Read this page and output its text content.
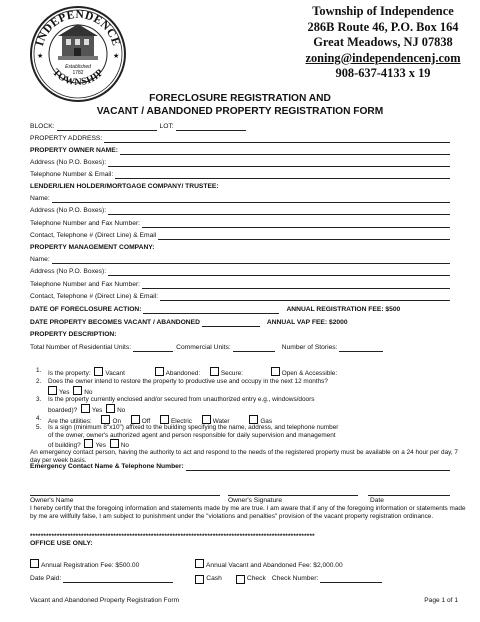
INDEPENDENCE
TOWNSHIP
★	★
Established
1782
Township of Independence
286B Route 46, P.O. Box 164
Great Meadows, NJ 07838
zoning@independencenj.com
908-637-4133 x 19
FORECLOSURE REGISTRATION AND
VACANT / ABANDONED PROPERTY REGISTRATION FORM
BLOCK:	LOT:
PROPERTY ADDRESS:
PROPERTY OWNER NAME:
Address (No P.O. Boxes):
Telephone Number & Email:
LENDER/LIEN HOLDER/MORTGAGE COMPANY/ TRUSTEE:
Name:
Address (No P.O. Boxes):
Telephone Number and Fax Number:
Contact, Telephone # (Direct Line) & Email
PROPERTY MANAGEMENT COMPANY:
Name:
Address (No P.O. Boxes):
Telephone Number and Fax Number:
Contact, Telephone # (Direct Line) & Email:
DATE OF FORECLOSURE ACTION:	ANNUAL REGISTRATION FEE: $500
DATE PROPERTY BECOMES VACANT / ABANDONED	ANNUAL VAP FEE: $2000
PROPERTY DESCRIPTION:
Total Number of Residential Units:	Commercial Units:	Number of Stories:
1. Is the property: Vacant	Abandoned:	Secure:	Open & Accessible:
2. Does the owner intend to restore the property to productive use and occupy in the next 12 months?
Yes No
3. Is the property currently enclosed and/or secured from unauthorized entry e.g., windows/doors
boarded)? Yes No
4. Are the utilities:	On	Off	Electric	Water	Gas
5. Is a sign (minimum 8"x10") affixed to the building specifying the name, address, and telephone number
of the owner, owner's authorized agent and person responsible for daily supervision and management
of building? Yes No
An emergency contact person, having the authority to act and respond to the needs of the registered property must be available on a 24 hour per day, 7 day per week basis.
Emergency Contact Name & Telephone Number:
Owner's Name	Owner's Signature	Date
I hereby certify that the foregoing information and statements made by me are true. I am aware that if any of the foregoing information or statements made by me are willfully false, I am subject to punishment under the "violations and penalties" provision of the vacant property registration ordinance.
**********************************************************************************************************
OFFICE USE ONLY:
Annual Registration Fee: $500.00	Annual Vacant and Abandoned Fee: $2,000.00
Date Paid:	Cash	Check Check Number:
Vacant and Abandoned Property Registration Form	Page 1 of 1
